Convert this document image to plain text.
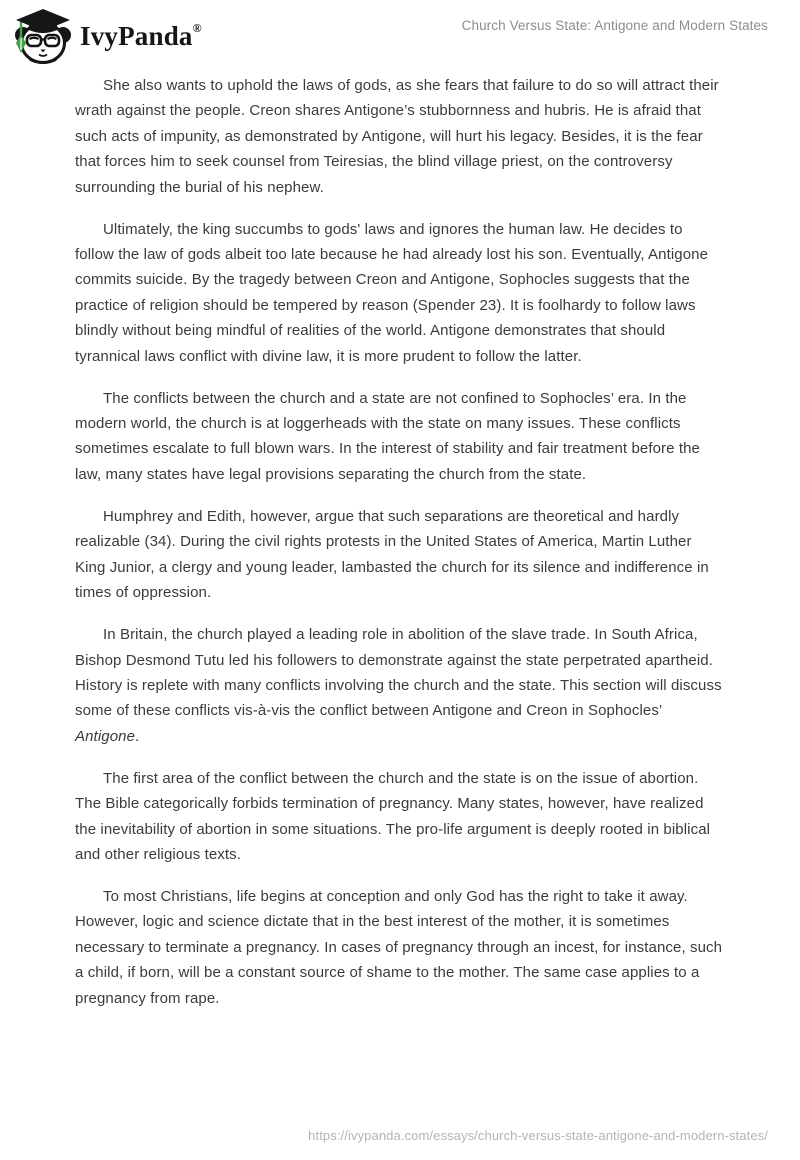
IvyPanda®	Church Versus State: Antigone and Modern States

She also wants to uphold the laws of gods, as she fears that failure to do so will attract their wrath against the people. Creon shares Antigone’s stubbornness and hubris. He is afraid that such acts of impunity, as demonstrated by Antigone, will hurt his legacy. Besides, it is the fear that forces him to seek counsel from Teiresias, the blind village priest, on the controversy surrounding the burial of his nephew.

Ultimately, the king succumbs to gods' laws and ignores the human law. He decides to follow the law of gods albeit too late because he had already lost his son. Eventually, Antigone commits suicide. By the tragedy between Creon and Antigone, Sophocles suggests that the practice of religion should be tempered by reason (Spender 23). It is foolhardy to follow laws blindly without being mindful of realities of the world. Antigone demonstrates that should tyrannical laws conflict with divine law, it is more prudent to follow the latter.

The conflicts between the church and a state are not confined to Sophocles’ era. In the modern world, the church is at loggerheads with the state on many issues. These conflicts sometimes escalate to full blown wars. In the interest of stability and fair treatment before the law, many states have legal provisions separating the church from the state.

Humphrey and Edith, however, argue that such separations are theoretical and hardly realizable (34). During the civil rights protests in the United States of America, Martin Luther King Junior, a clergy and young leader, lambasted the church for its silence and indifference in times of oppression.

In Britain, the church played a leading role in abolition of the slave trade. In South Africa, Bishop Desmond Tutu led his followers to demonstrate against the state perpetrated apartheid. History is replete with many conflicts involving the church and the state. This section will discuss some of these conflicts vis-à-vis the conflict between Antigone and Creon in Sophocles’ Antigone.

The first area of the conflict between the church and the state is on the issue of abortion. The Bible categorically forbids termination of pregnancy. Many states, however, have realized the inevitability of abortion in some situations. The pro-life argument is deeply rooted in biblical and other religious texts.

To most Christians, life begins at conception and only God has the right to take it away. However, logic and science dictate that in the best interest of the mother, it is sometimes necessary to terminate a pregnancy. In cases of pregnancy through an incest, for instance, such a child, if born, will be a constant source of shame to the mother. The same case applies to a pregnancy from rape.

https://ivypanda.com/essays/church-versus-state-antigone-and-modern-states/
